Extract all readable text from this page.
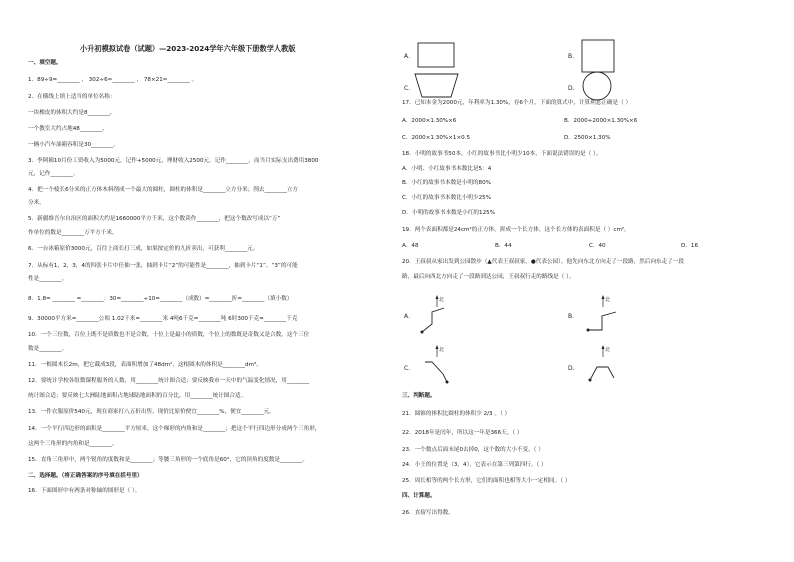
小升初模拟试卷（试题）—2023-2024学年六年级下册数学人教版
一、填空题。
1．89÷9=________ ， 302÷6≈________ ， 78×21≈________ 。
2．在横线上填上适当的单位名称：
一块橡皮的体积大约是8________，
一个教室大约占地48________，
一辆小汽车油箱容积是30________。
3．李阿姨10月份工资收入为5000元，记作+5000元，理财收入2500元，记作________，而当月实际支出费用3800
元，记作________。
4．把一个棱长6分米的正方体木料削成一个最大的圆柱，圆柱的体积是________立方分米；削去________立方
分米。
5．新疆维吾尔自治区的面积大约是1660000平方千米，这个数读作________，把这个数改写成以“万”
作单位的数是________万平方千米。
6．一台冰箱原价3000元，百往上商长打三成，如果按定价的九折卖出，可获利________元。
7．从标有1，2，3，4的四张卡片中任抽一张，抽到卡片“2”的可能性是________，抽到卡片“1”、“3”的可能
性是________。
8．1.8= ________ =________：30=________÷10=________（成数）=________折=________（填小数）
9．30000平方米=________公顷 1.02千米=________米 4吨6千克=________吨 6时300千克=________千克
10．一个三位数，百位上既不是质数也不是合数，十位上是最小的质数，个位上的数既是奇数又是合数，这个三位
数是________。
11．一根圆木长2m，把它截成3段，表面积增加了48dm²，这根圆木的体积是________dm³。
12．要统计学校各组数课程服务的人数，用________统计图合适；要反映我市一天中的气温变化情况，用________
统计图合适；要反映七大洲陆地面积占地球陆地面积的百分比，用________统计图合适。
13．一件衣服原价540元，现在商家打八五折出售，现价比原价便宜________%，便宜________元。
14．一个平行四边形的面积是________平方厘米，这个梯形的内角和是________；把这个平行四边形分成两个三角形，
这两个三角形的内角和是________。
15．直角三角形中，两个锐角的度数和是________；等腰三角形的一个底角是60°，它的顶角的度数是________。
二、选择题。（将正确答案的序号填在括号里）
16．下面图形中有两条对称轴的图形是（ ）。
17．已知本金为2000元，年利率为1.30%，存6个月，下面的算式中，计算利息正确是（ ）
A．2000×1.30%×6	B．2000+2000×1.30%×6
C．2000×1.30%×1×0.5	D．2500×1.30%
18．小明的故事书50本，小红的故事书比小明少10本，下面说法错误的是（ ）。
A．小明、小红故事书本数比是5：4
B．小红的故事书本数是小明的80%
C．小红的故事书本数比小明少25%
D．小明的故事书本数是小红的125%
19．两个表面积都是24cm²的正方体，拼成一个长方体，这个长方体的表面积是（ ）cm²。
A．48	B．44	C．40	D．16
20．王叔叔从家出发到公园散步（▲代表王叔叔家，●代表公园），他先向东北方向走了一段路，然后向东走了一段
路，最后向西北方向走了一段路到达公园，王叔叔行走的路线是（ ）。
三、判断题。
21．圆锥的体积比圆柱的体积少 2/3 。（ ）
22．2018年是闰年，所以这一年是366天。（ ）
23．一个数点后面末尾0去掉0，这个数的大小不变。（ ）
24．小王的位置是（3，4），它表示在第三列第四行。（ ）
25．周长相等的两个长方形，它们的面积也相等大小一定相同。（ ）
四、计算题。
26．直接写出得数。
A．	B．
C．	D．
A．
北
B．
北
C．
北
D．
北
